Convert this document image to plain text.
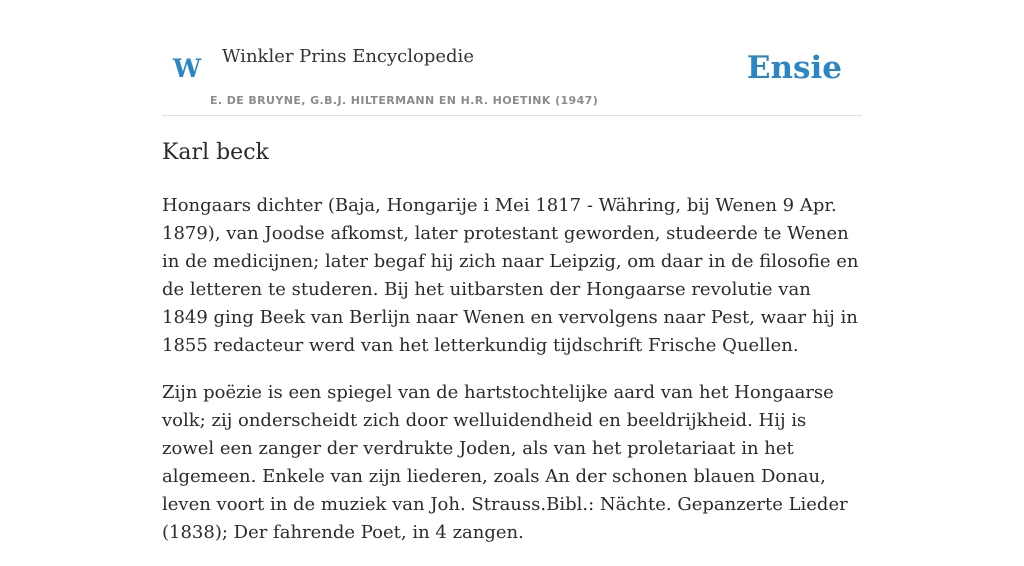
W Winkler Prins Encyclopedie
E. DE BRUYNE, G.B.J. HILTERMANN EN H.R. HOETINK (1947)
Ensie
Karl beck

Hongaars dichter (Baja, Hongarije i Mei 1817 - Währing, bij Wenen 9 Apr. 1879), van Joodse afkomst, later protestant geworden, studeerde te Wenen in de medicijnen; later begaf hij zich naar Leipzig, om daar in de filosofie en de letteren te studeren. Bij het uitbarsten der Hongaarse revolutie van 1849 ging Beek van Berlijn naar Wenen en vervolgens naar Pest, waar hij in 1855 redacteur werd van het letterkundig tijdschrift Frische Quellen.

Zijn poëzie is een spiegel van de hartstochtelijke aard van het Hongaarse volk; zij onderscheidt zich door welluidendheid en beeldrijkheid. Hij is zowel een zanger der verdrukte Joden, als van het proletariaat in het algemeen. Enkele van zijn liederen, zoals An der schonen blauen Donau, leven voort in de muziek van Joh. Strauss.Bibl.: Nächte. Gepanzerte Lieder (1838); Der fahrende Poet, in 4 zangen.
